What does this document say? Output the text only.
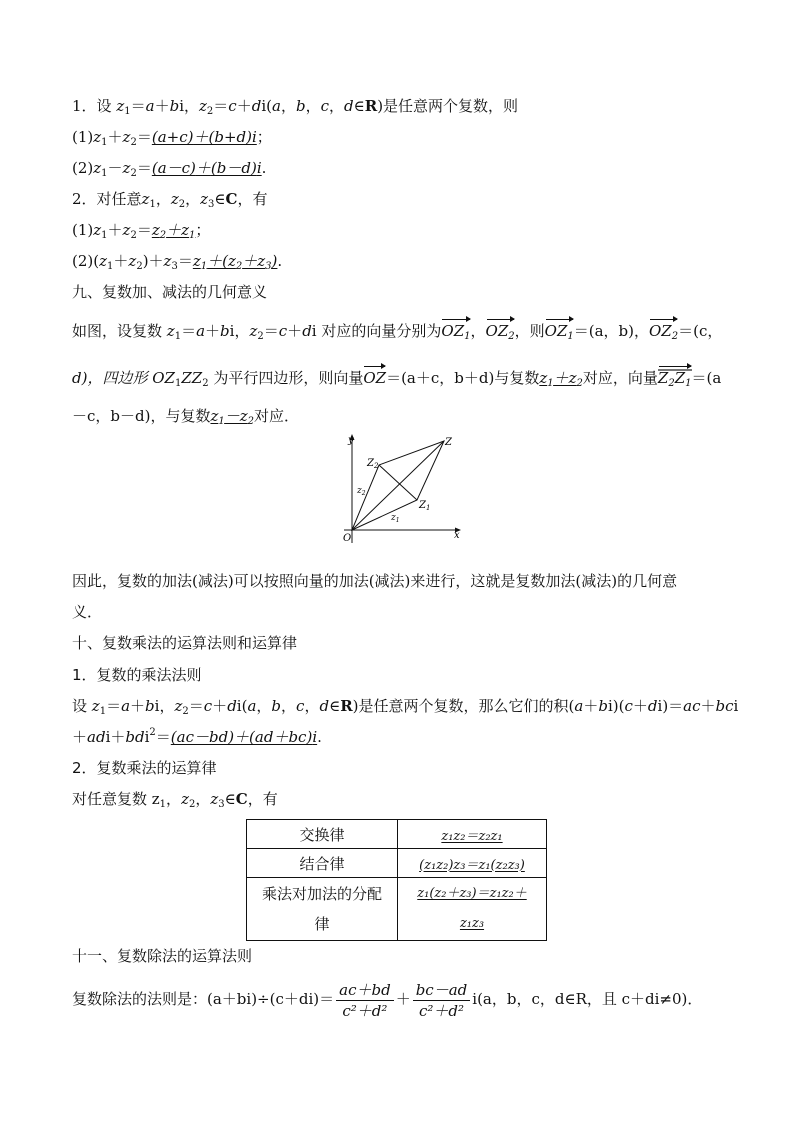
1．设 $z_1=a+bi$，$z_2=c+di(a$，b，c，d∈R)是任意两个复数，则
$(1)z_1+z_2=(a+c)+(b+d)i$；
$(2)z_1-z_2=(a-c)+(b-d)i$.
2．对任意$z_1$，$z_2$，$z_3\in C$，有
$(1)z_1+z_2=z_2+z_1$；
$(2)(z_1+z_2)+z_3=z_1+(z_2+z_3)$.
九、复数加、减法的几何意义
如图，设复数 $z_1=a+bi$，$z_2=c+di$ 对应的向量分别为$OZ_1$，$OZ_2$，则$OZ_1=(a$，b)，$OZ_2=(c$，
d)，四边形 $OZ_1ZZ_2$ 为平行四边形，则向量OZ＝(a＋c，b＋d)与复数$z_1+z_2$对应，向量$Z_2Z_1=(a$
－c，b－d)，与复数$z_1-z_2$对应．
y
x
O
Z
$Z_2$
$Z_1$
$z_2$
$z_1$
因此，复数的加法(减法)可以按照向量的加法(减法)来进行，这就是复数加法(减法)的几何意
义．
十、复数乘法的运算法则和运算律
1．复数的乘法法则
设 $z_1=a+bi$，$z_2=c+di(a$，b，c，d∈R)是任意两个复数，那么它们的积(a＋bi)(c＋di)＝ac＋bci
＋adi＋bdi$^2$＝(ac－bd)＋(ad＋bc)i.
2．复数乘法的运算律
对任意复数 $z_1$，$z_2$，$z_3\in C$，有
交换律	z₁z₂＝z₂z₁
结合律	(z₁z₂)z₃＝z₁(z₂z₃)
乘法对加法的分配
律	z₁(z₂＋z₃)＝z₁z₂＋
z₁z₃
十一、复数除法的运算法则
复数除法的法则是：$(a+bi)\div(c+di)= \frac{ac+bd}{\text{c²＋d²}} + \frac{bc-ad}{\text{c²＋d²}} i(a$，b，c，d∈R，且 c＋di≠0)．
